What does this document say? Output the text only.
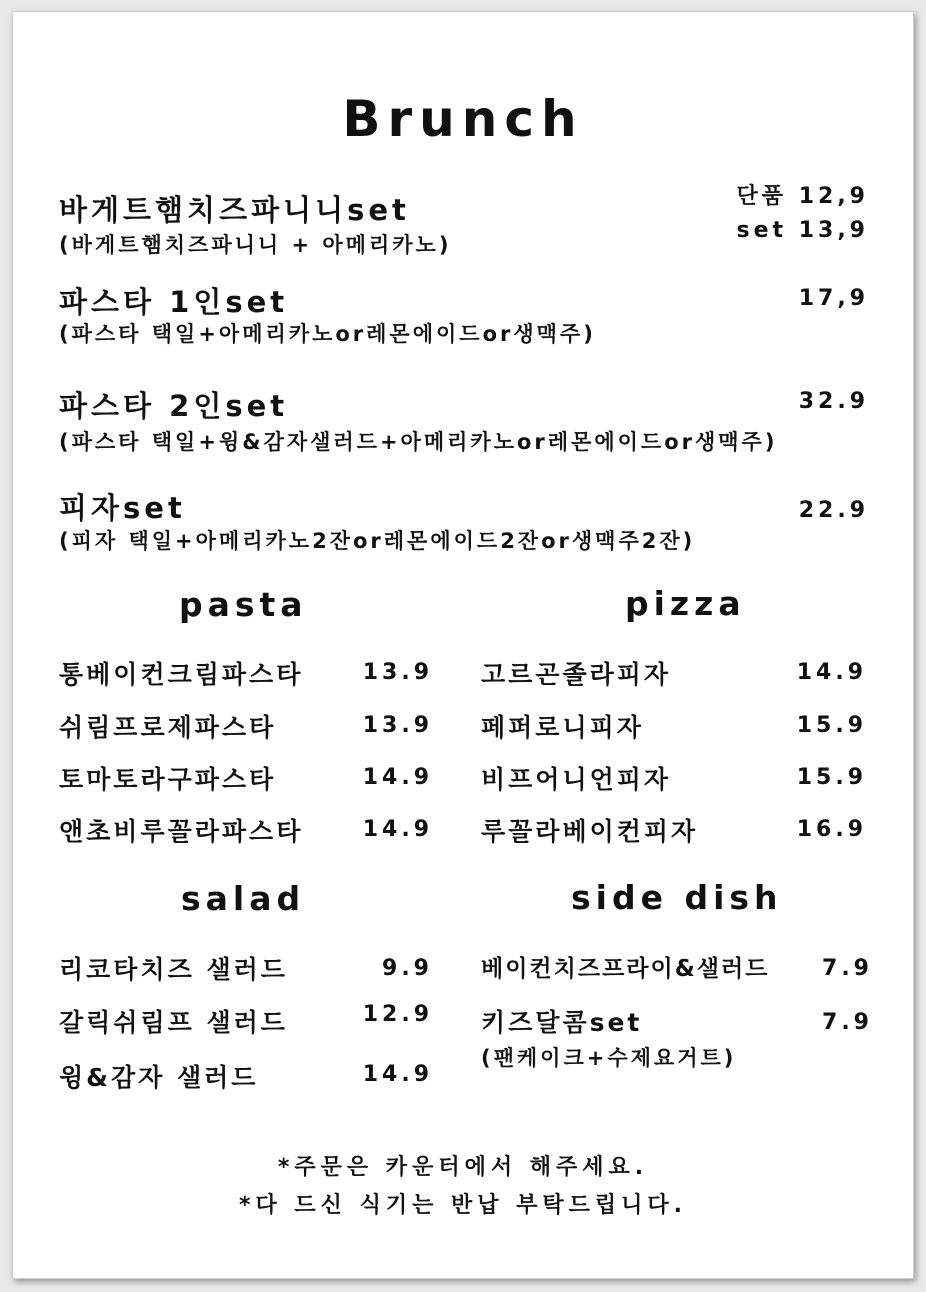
Brunch
바게트햄치즈파니니set
(바게트햄치즈파니니 + 아메리카노)
단품 12,9
set 13,9
파스타 1인set
(파스타 택일+아메리카노or레몬에이드or생맥주)
17,9
파스타 2인set
(파스타 택일+윙&감자샐러드+아메리카노or레몬에이드or생맥주)
32.9
피자set
(피자 택일+아메리카노2잔or레몬에이드2잔or생맥주2잔)
22.9
pasta
통베이컨크림파스타	13.9
쉬림프로제파스타	13.9
토마토라구파스타	14.9
앤초비루꼴라파스타	14.9
pizza
고르곤졸라피자	14.9
페퍼로니피자	15.9
비프어니언피자	15.9
루꼴라베이컨피자	16.9
salad
리코타치즈 샐러드	9.9
갈릭쉬림프 샐러드	12.9
윙&감자 샐러드	14.9
side dish
베이컨치즈프라이&샐러드 7.9
키즈달콤set
(팬케이크+수제요거트)
7.9
*주문은 카운터에서 해주세요.
*다 드신 식기는 반납 부탁드립니다.
